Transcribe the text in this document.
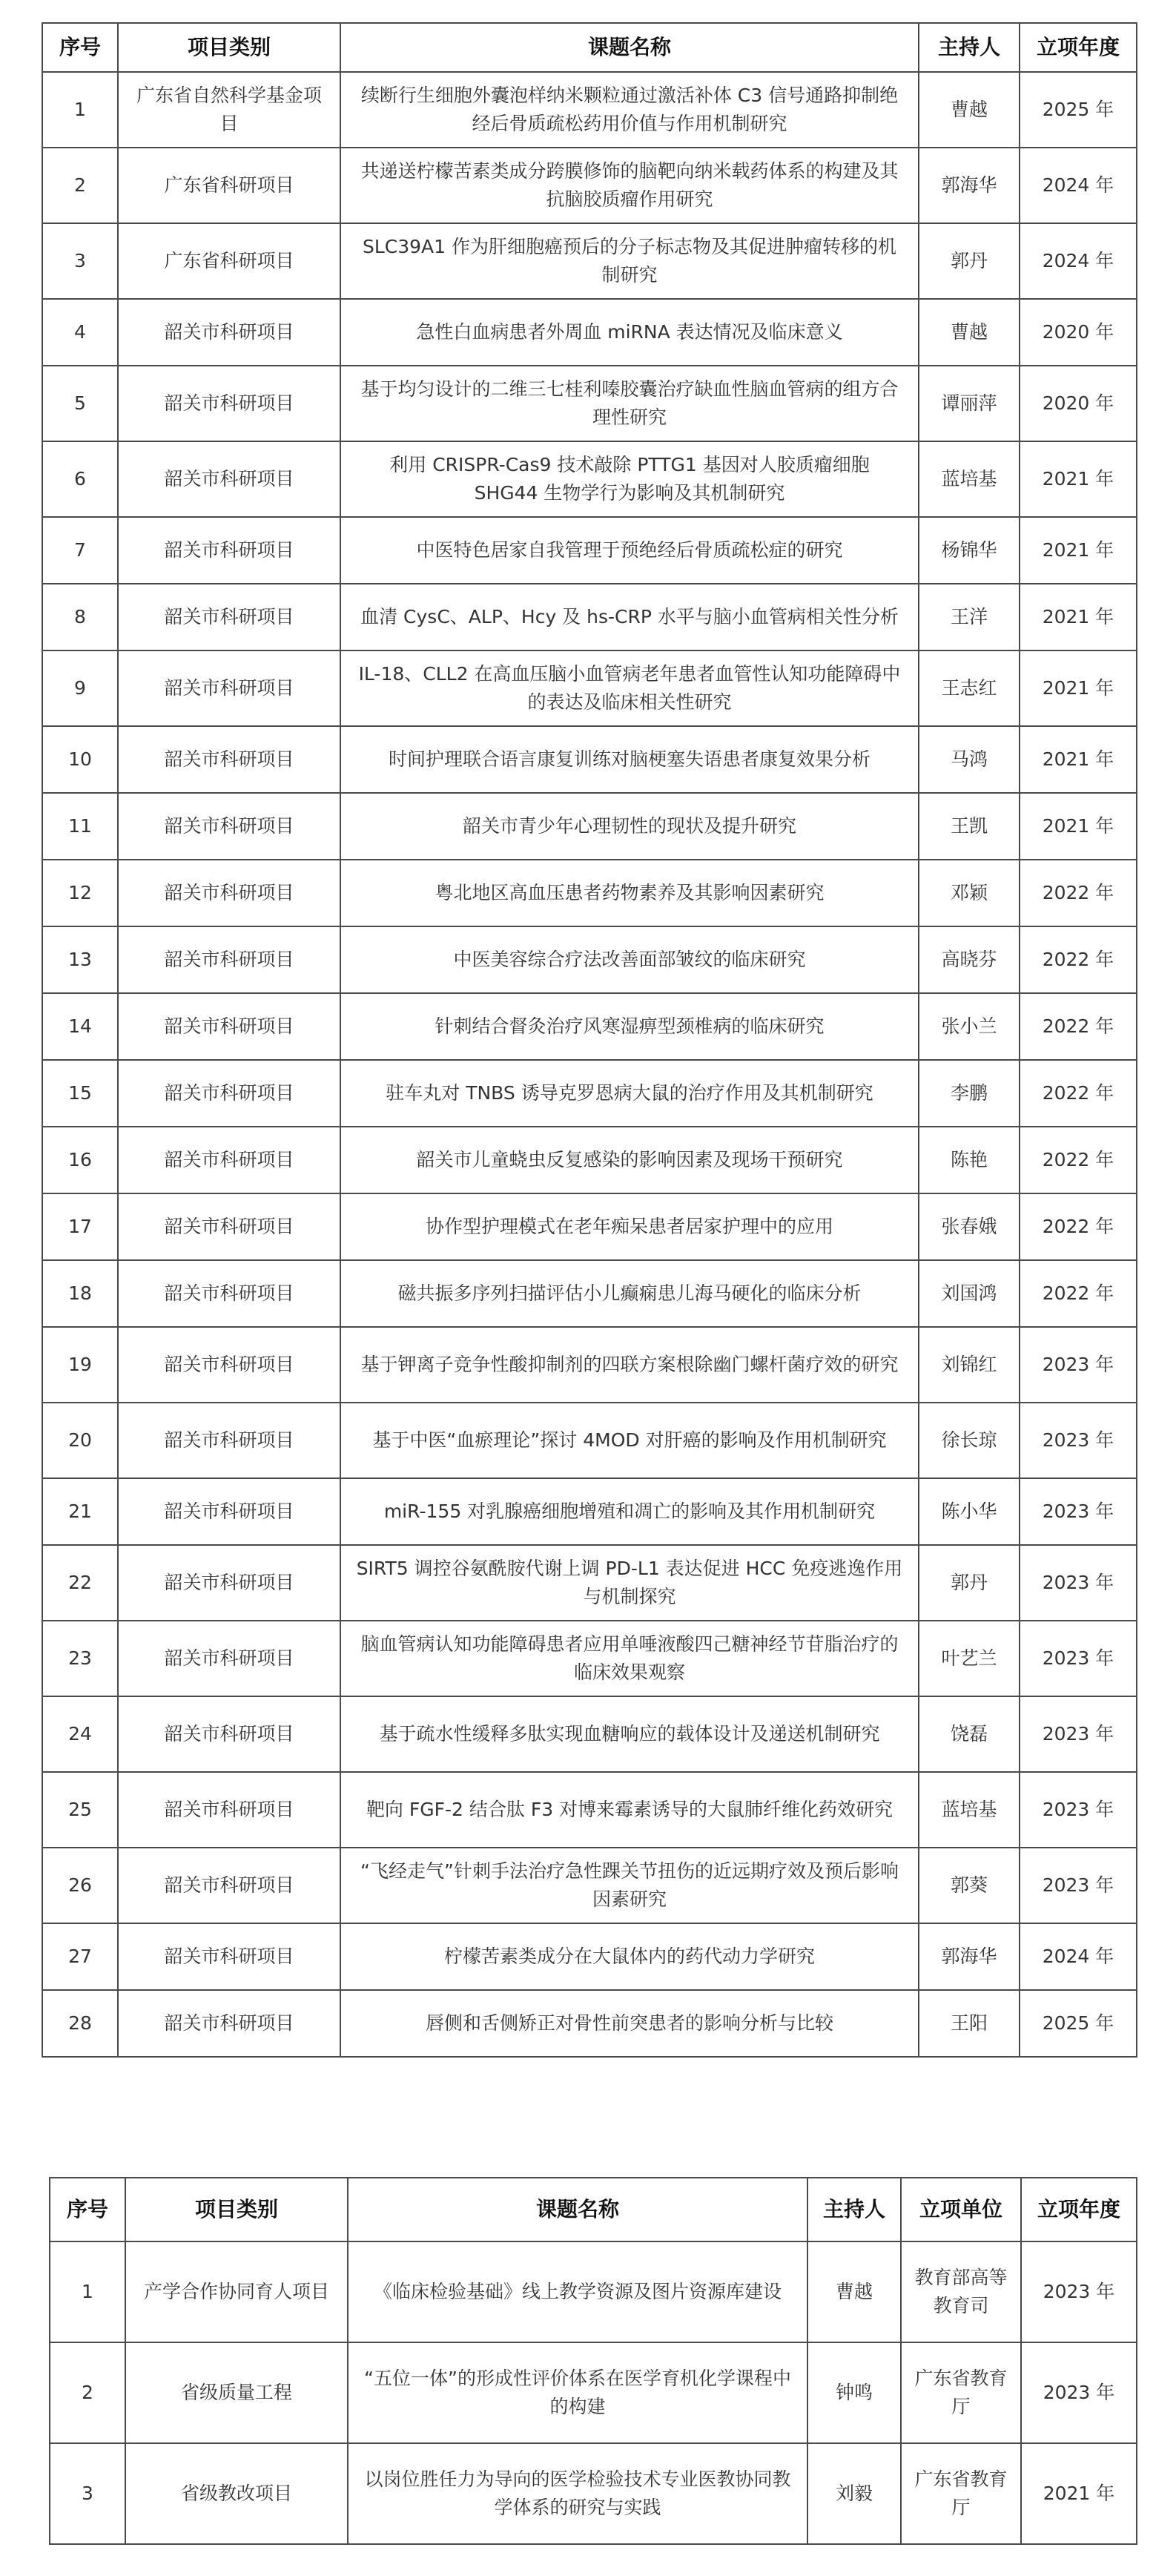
序号	项目类别	课题名称	主持人	立项年度
1	广东省自然科学基金项目	续断行生细胞外囊泡样纳米颗粒通过激活补体 C3 信号通路抑制绝经后骨质疏松药用价值与作用机制研究	曹越	2025 年
2	广东省科研项目	共递送柠檬苦素类成分跨膜修饰的脑靶向纳米载药体系的构建及其抗脑胶质瘤作用研究	郭海华	2024 年
3	广东省科研项目	SLC39A1 作为肝细胞癌预后的分子标志物及其促进肿瘤转移的机制研究	郭丹	2024 年
4	韶关市科研项目	急性白血病患者外周血 miRNA 表达情况及临床意义	曹越	2020 年
5	韶关市科研项目	基于均匀设计的二维三七桂利嗪胶囊治疗缺血性脑血管病的组方合理性研究	谭丽萍	2020 年
6	韶关市科研项目	利用 CRISPR-Cas9 技术敲除 PTTG1 基因对人胶质瘤细胞 SHG44 生物学行为影响及其机制研究	蓝培基	2021 年
7	韶关市科研项目	中医特色居家自我管理于预绝经后骨质疏松症的研究	杨锦华	2021 年
8	韶关市科研项目	血清 CysC、ALP、Hcy 及 hs-CRP 水平与脑小血管病相关性分析	王洋	2021 年
9	韶关市科研项目	IL-18、CLL2 在高血压脑小血管病老年患者血管性认知功能障碍中的表达及临床相关性研究	王志红	2021 年
10	韶关市科研项目	时间护理联合语言康复训练对脑梗塞失语患者康复效果分析	马鸿	2021 年
11	韶关市科研项目	韶关市青少年心理韧性的现状及提升研究	王凯	2021 年
12	韶关市科研项目	粤北地区高血压患者药物素养及其影响因素研究	邓颖	2022 年
13	韶关市科研项目	中医美容综合疗法改善面部皱纹的临床研究	高晓芬	2022 年
14	韶关市科研项目	针刺结合督灸治疗风寒湿痹型颈椎病的临床研究	张小兰	2022 年
15	韶关市科研项目	驻车丸对 TNBS 诱导克罗恩病大鼠的治疗作用及其机制研究	李鹏	2022 年
16	韶关市科研项目	韶关市儿童蛲虫反复感染的影响因素及现场干预研究	陈艳	2022 年
17	韶关市科研项目	协作型护理模式在老年痴呆患者居家护理中的应用	张春娥	2022 年
18	韶关市科研项目	磁共振多序列扫描评估小儿癫痫患儿海马硬化的临床分析	刘国鸿	2022 年
19	韶关市科研项目	基于钾离子竞争性酸抑制剂的四联方案根除幽门螺杆菌疗效的研究	刘锦红	2023 年
20	韶关市科研项目	基于中医“血瘀理论”探讨 4MOD 对肝癌的影响及作用机制研究	徐长琼	2023 年
21	韶关市科研项目	miR-155 对乳腺癌细胞增殖和凋亡的影响及其作用机制研究	陈小华	2023 年
22	韶关市科研项目	SIRT5 调控谷氨酰胺代谢上调 PD-L1 表达促进 HCC 免疫逃逸作用与机制探究	郭丹	2023 年
23	韶关市科研项目	脑血管病认知功能障碍患者应用单唾液酸四己糖神经节苷脂治疗的临床效果观察	叶艺兰	2023 年
24	韶关市科研项目	基于疏水性缓释多肽实现血糖响应的载体设计及递送机制研究	饶磊	2023 年
25	韶关市科研项目	靶向 FGF-2 结合肽 F3 对博来霉素诱导的大鼠肺纤维化药效研究	蓝培基	2023 年
26	韶关市科研项目	“飞经走气”针刺手法治疗急性踝关节扭伤的近远期疗效及预后影响因素研究	郭葵	2023 年
27	韶关市科研项目	柠檬苦素类成分在大鼠体内的药代动力学研究	郭海华	2024 年
28	韶关市科研项目	唇侧和舌侧矫正对骨性前突患者的影响分析与比较	王阳	2025 年
序号	项目类别	课题名称	主持人	立项单位	立项年度
1	产学合作协同育人项目	《临床检验基础》线上教学资源及图片资源库建设	曹越	教育部高等教育司	2023 年
2	省级质量工程	“五位一体”的形成性评价体系在医学育机化学课程中的构建	钟鸣	广东省教育厅	2023 年
3	省级教改项目	以岗位胜任力为导向的医学检验技术专业医教协同教学体系的研究与实践	刘毅	广东省教育厅	2021 年
